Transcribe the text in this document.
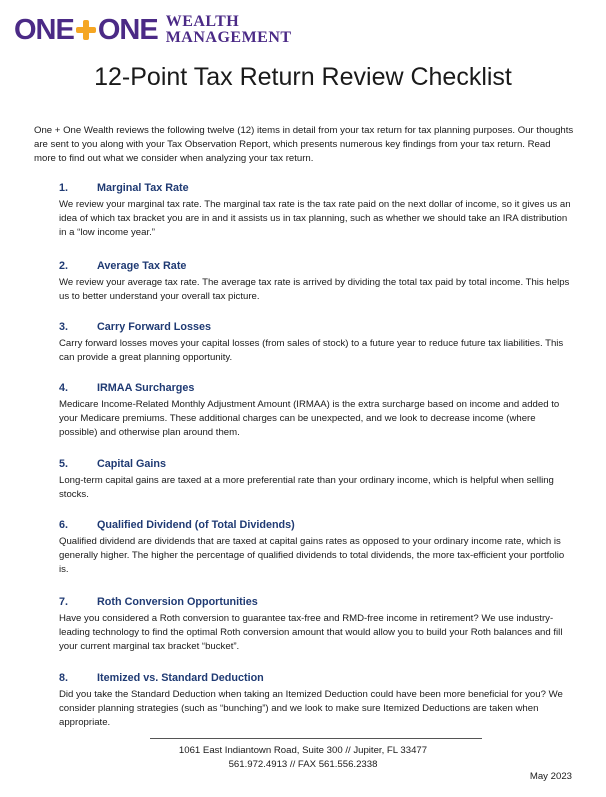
ONE ONE WEALTH
MANAGEMENT
12-Point Tax Return Review Checklist

One + One Wealth reviews the following twelve (12) items in detail from your tax return for tax planning purposes. Our thoughts are sent to you along with your Tax Observation Report, which presents numerous key findings from your tax return. Read more to find out what we consider when analyzing your tax return.

1.	Marginal Tax Rate

We review your marginal tax rate. The marginal tax rate is the tax rate paid on the next dollar of income, so it gives us an idea of which tax bracket you are in and it assists us in tax planning, such as whether we should take an IRA distribution in a “low income year.”

2.	Average Tax Rate

We review your average tax rate. The average tax rate is arrived by dividing the total tax paid by total income. This helps us to better understand your overall tax picture.

3.	Carry Forward Losses

Carry forward losses moves your capital losses (from sales of stock) to a future year to reduce future tax liabilities. This can provide a great planning opportunity.

4.	IRMAA Surcharges

Medicare Income-Related Monthly Adjustment Amount (IRMAA) is the extra surcharge based on income and added to your Medicare premiums. These additional charges can be unexpected, and we look to decrease income (where possible) and otherwise plan around them.

5.	Capital Gains

Long-term capital gains are taxed at a more preferential rate than your ordinary income, which is helpful when selling stocks.

6.	Qualified Dividend (of Total Dividends)

Qualified dividend are dividends that are taxed at capital gains rates as opposed to your ordinary income rate, which is generally higher. The higher the percentage of qualified dividends to total dividends, the more tax-efficient your portfolio is.

7.	Roth Conversion Opportunities

Have you considered a Roth conversion to guarantee tax-free and RMD-free income in retirement? We use industry-leading technology to find the optimal Roth conversion amount that would allow you to build your Roth balances and fill your current marginal tax bracket “bucket”.

8.	Itemized vs. Standard Deduction

Did you take the Standard Deduction when taking an Itemized Deduction could have been more beneficial for you? We consider planning strategies (such as “bunching”) and we look to make sure Itemized Deductions are taken when appropriate.

1061 East Indiantown Road, Suite 300 // Jupiter, FL 33477
561.972.4913 // FAX 561.556.2338
May 2023
